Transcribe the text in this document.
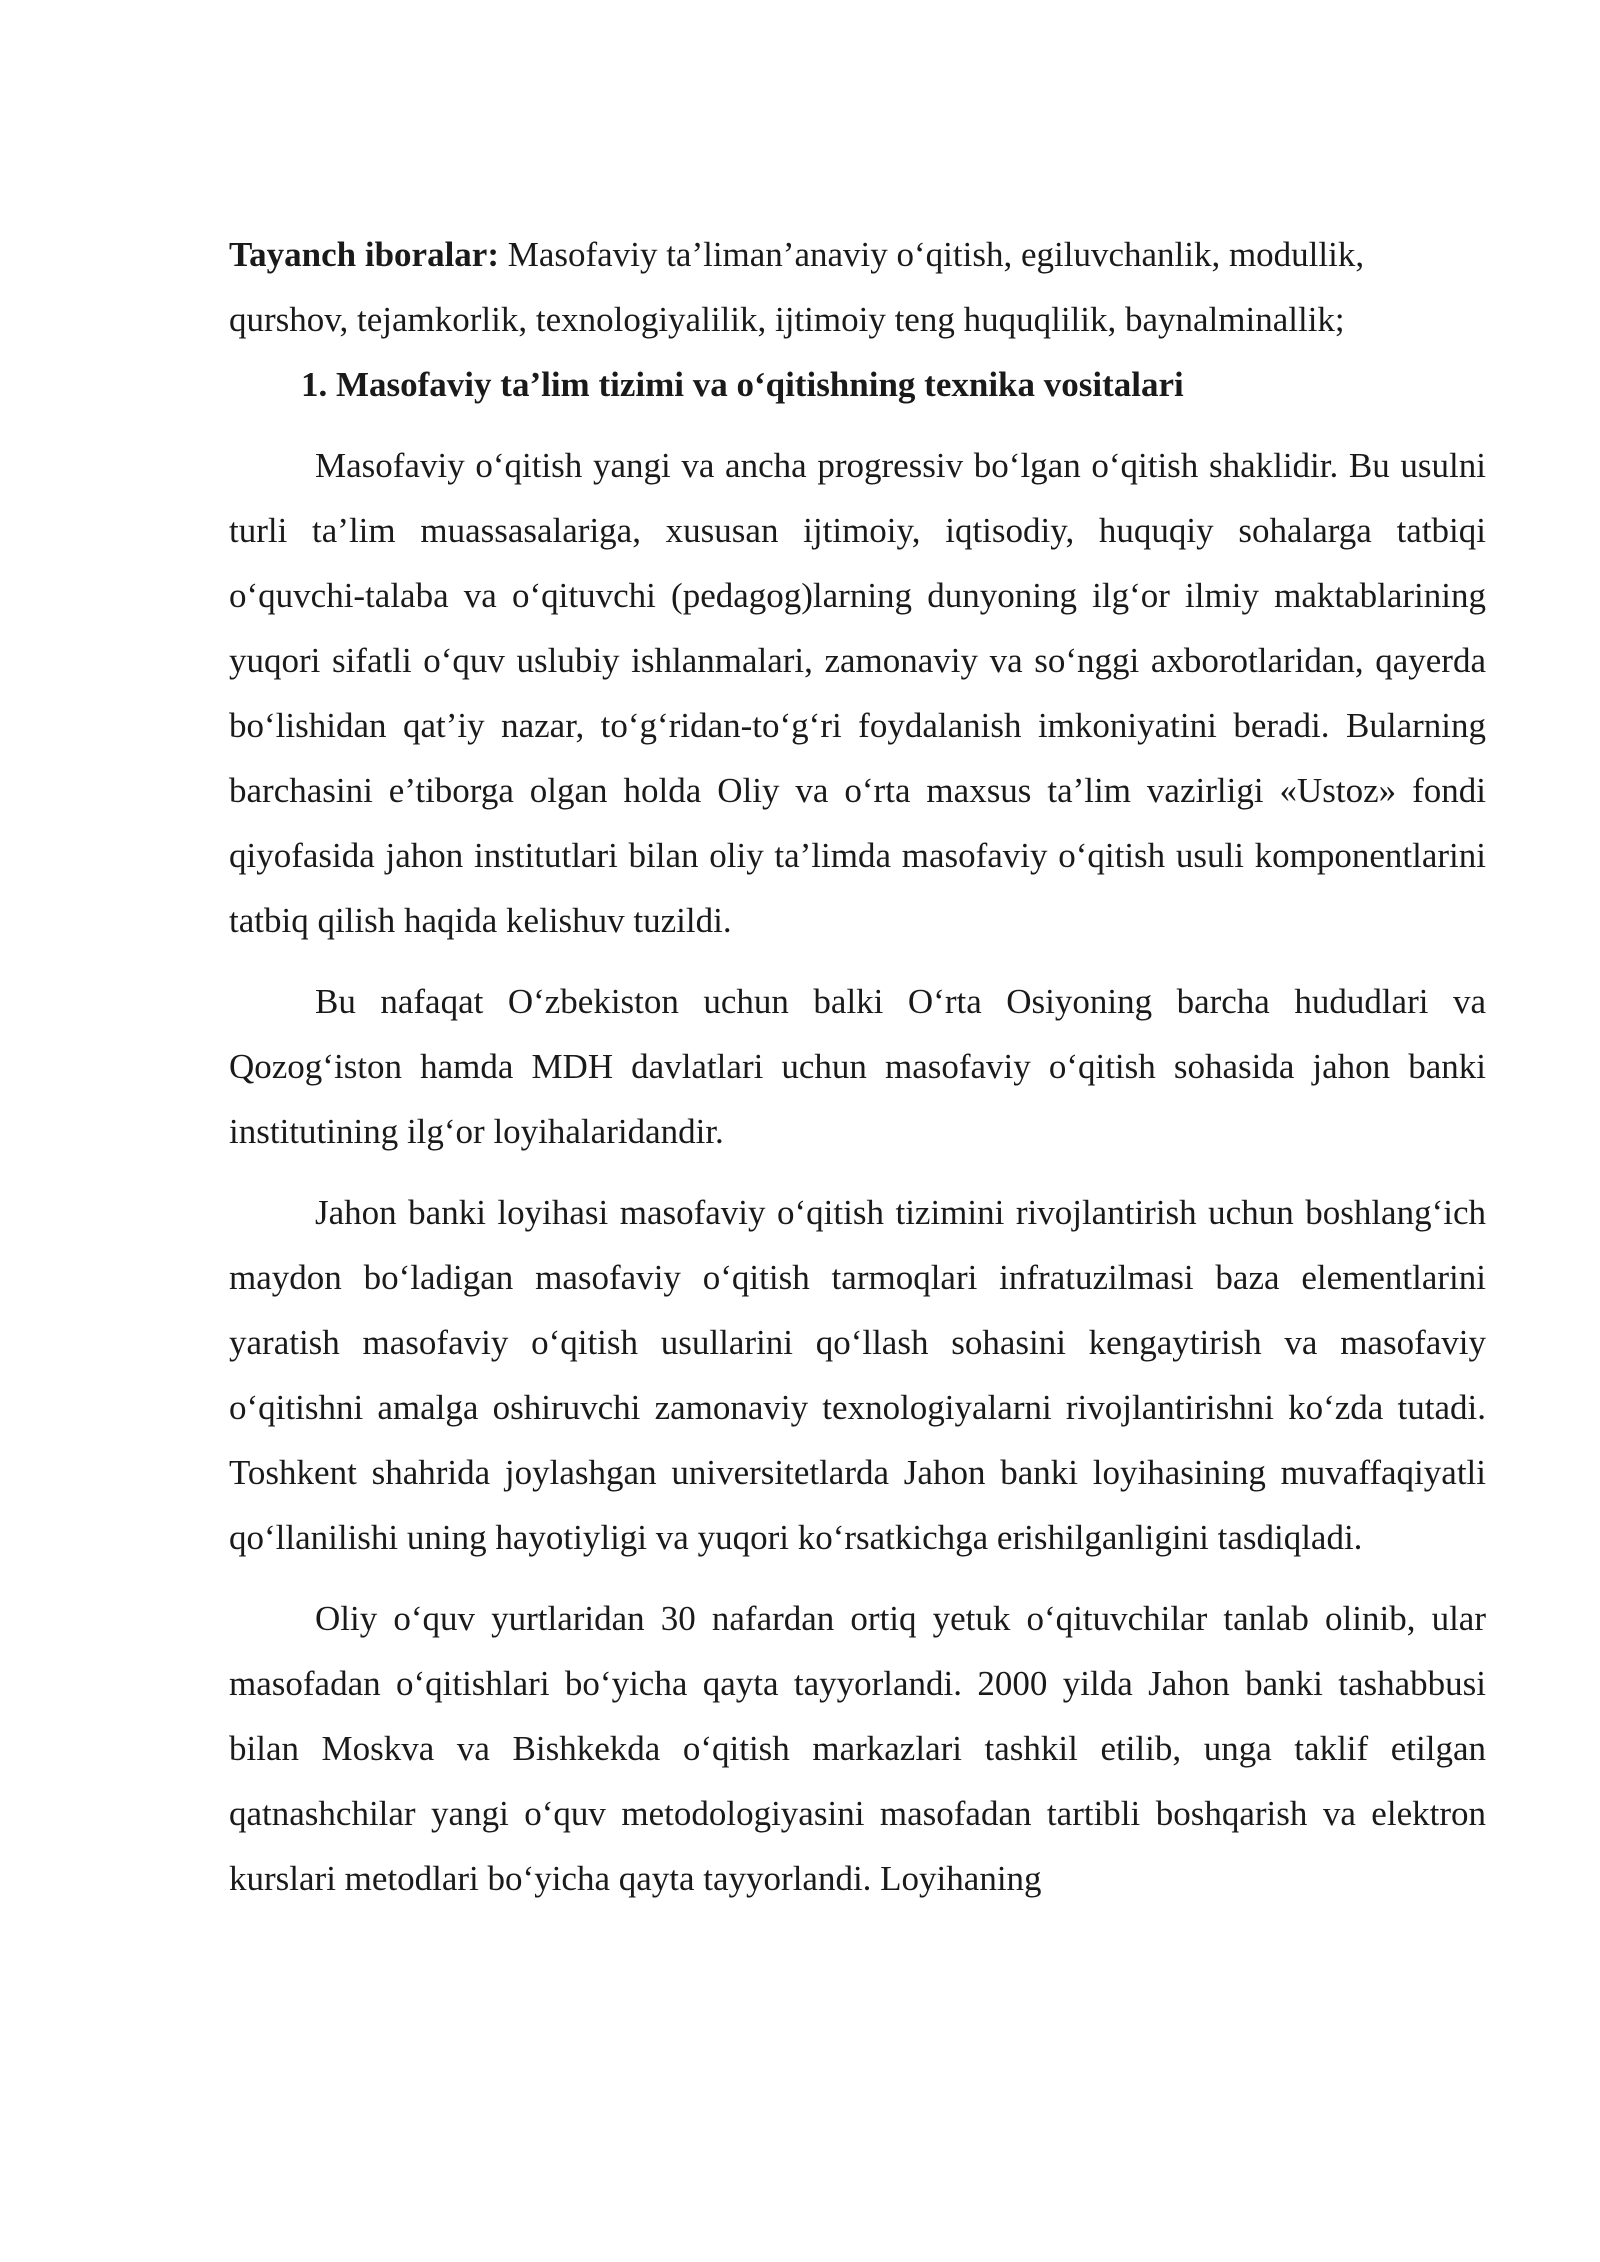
Tayanch iboralar: Masofaviy ta’liman’anaviy o‘qitish, egiluvchanlik, modullik, qurshov, tejamkorlik, texnologiyalilik, ijtimoiy teng huquqlilik, baynalminallik;

1. Masofaviy ta’lim tizimi va o‘qitishning texnika vositalari

Masofaviy o‘qitish yangi va ancha progressiv bo‘lgan o‘qitish shaklidir. Bu usulni turli ta’lim muassasalariga, xususan ijtimoiy, iqtisodiy, huquqiy sohalarga tatbiqi o‘quvchi-talaba va o‘qituvchi (pedagog)larning dunyoning ilg‘or ilmiy maktablarining yuqori sifatli o‘quv uslubiy ishlanmalari, zamonaviy va so‘nggi axborotlaridan, qayerda bo‘lishidan qat’iy nazar, to‘g‘ridan-to‘g‘ri foydalanish imkoniyatini beradi. Bularning barchasini e’tiborga olgan holda Oliy va o‘rta maxsus ta’lim vazirligi «Ustoz» fondi qiyofasida jahon institutlari bilan oliy ta’limda masofaviy o‘qitish usuli komponentlarini tatbiq qilish haqida kelishuv tuzildi.

Bu nafaqat O‘zbekiston uchun balki O‘rta Osiyoning barcha hududlari va Qozog‘iston hamda MDH davlatlari uchun masofaviy o‘qitish sohasida jahon banki institutining ilg‘or loyihalaridandir.

Jahon banki loyihasi masofaviy o‘qitish tizimini rivojlantirish uchun boshlang‘ich maydon bo‘ladigan masofaviy o‘qitish tarmoqlari infratuzilmasi baza elementlarini yaratish masofaviy o‘qitish usullarini qo‘llash sohasini kengaytirish va masofaviy o‘qitishni amalga oshiruvchi zamonaviy texnologiyalarni rivojlantirishni ko‘zda tutadi. Toshkent shahrida joylashgan universitetlarda Jahon banki loyihasining muvaffaqiyatli qo‘llanilishi uning hayotiyligi va yuqori ko‘rsatkichga erishilganligini tasdiqladi.

Oliy o‘quv yurtlaridan 30 nafardan ortiq yetuk o‘qituvchilar tanlab olinib, ular masofadan o‘qitishlari bo‘yicha qayta tayyorlandi. 2000 yilda Jahon banki tashabbusi bilan Moskva va Bishkekda o‘qitish markazlari tashkil etilib, unga taklif etilgan qatnashchilar yangi o‘quv metodologiyasini masofadan tartibli boshqarish va elektron kurslari metodlari bo‘yicha qayta tayyorlandi. Loyihaning
